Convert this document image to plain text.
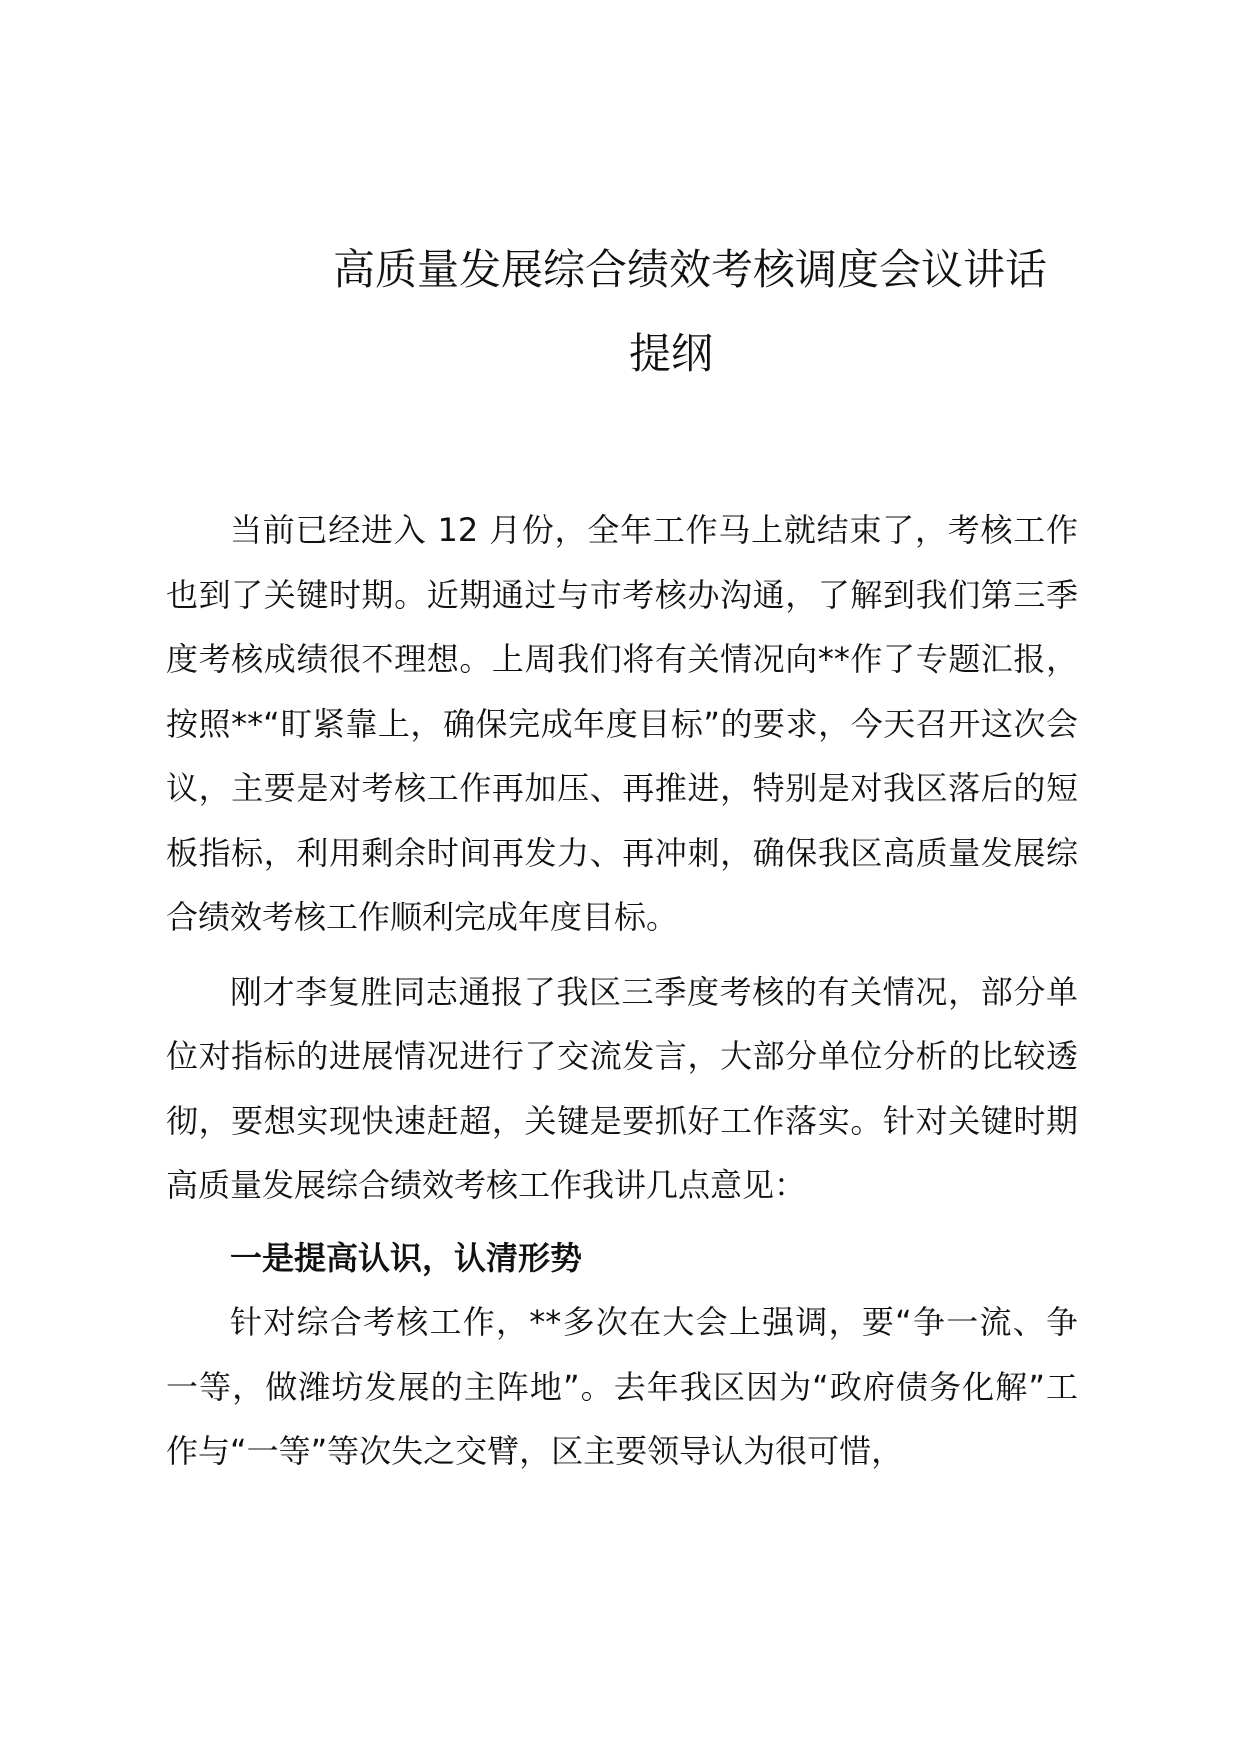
高质量发展综合绩效考核调度会议讲话
提纲

当前已经进入 12 月份，全年工作马上就结束了，考核工作也到了关键时期。近期通过与市考核办沟通，了解到我们第三季度考核成绩很不理想。上周我们将有关情况向**作了专题汇报，按照**“盯紧靠上，确保完成年度目标”的要求，今天召开这次会议，主要是对考核工作再加压、再推进，特别是对我区落后的短板指标，利用剩余时间再发力、再冲刺，确保我区高质量发展综合绩效考核工作顺利完成年度目标。

刚才李复胜同志通报了我区三季度考核的有关情况，部分单位对指标的进展情况进行了交流发言，大部分单位分析的比较透彻，要想实现快速赶超，关键是要抓好工作落实。针对关键时期高质量发展综合绩效考核工作我讲几点意见：

一是提高认识，认清形势

针对综合考核工作，**多次在大会上强调，要“争一流、争一等，做潍坊发展的主阵地”。去年我区因为“政府债务化解”工作与“一等”等次失之交臂，区主要领导认为很可惜，
